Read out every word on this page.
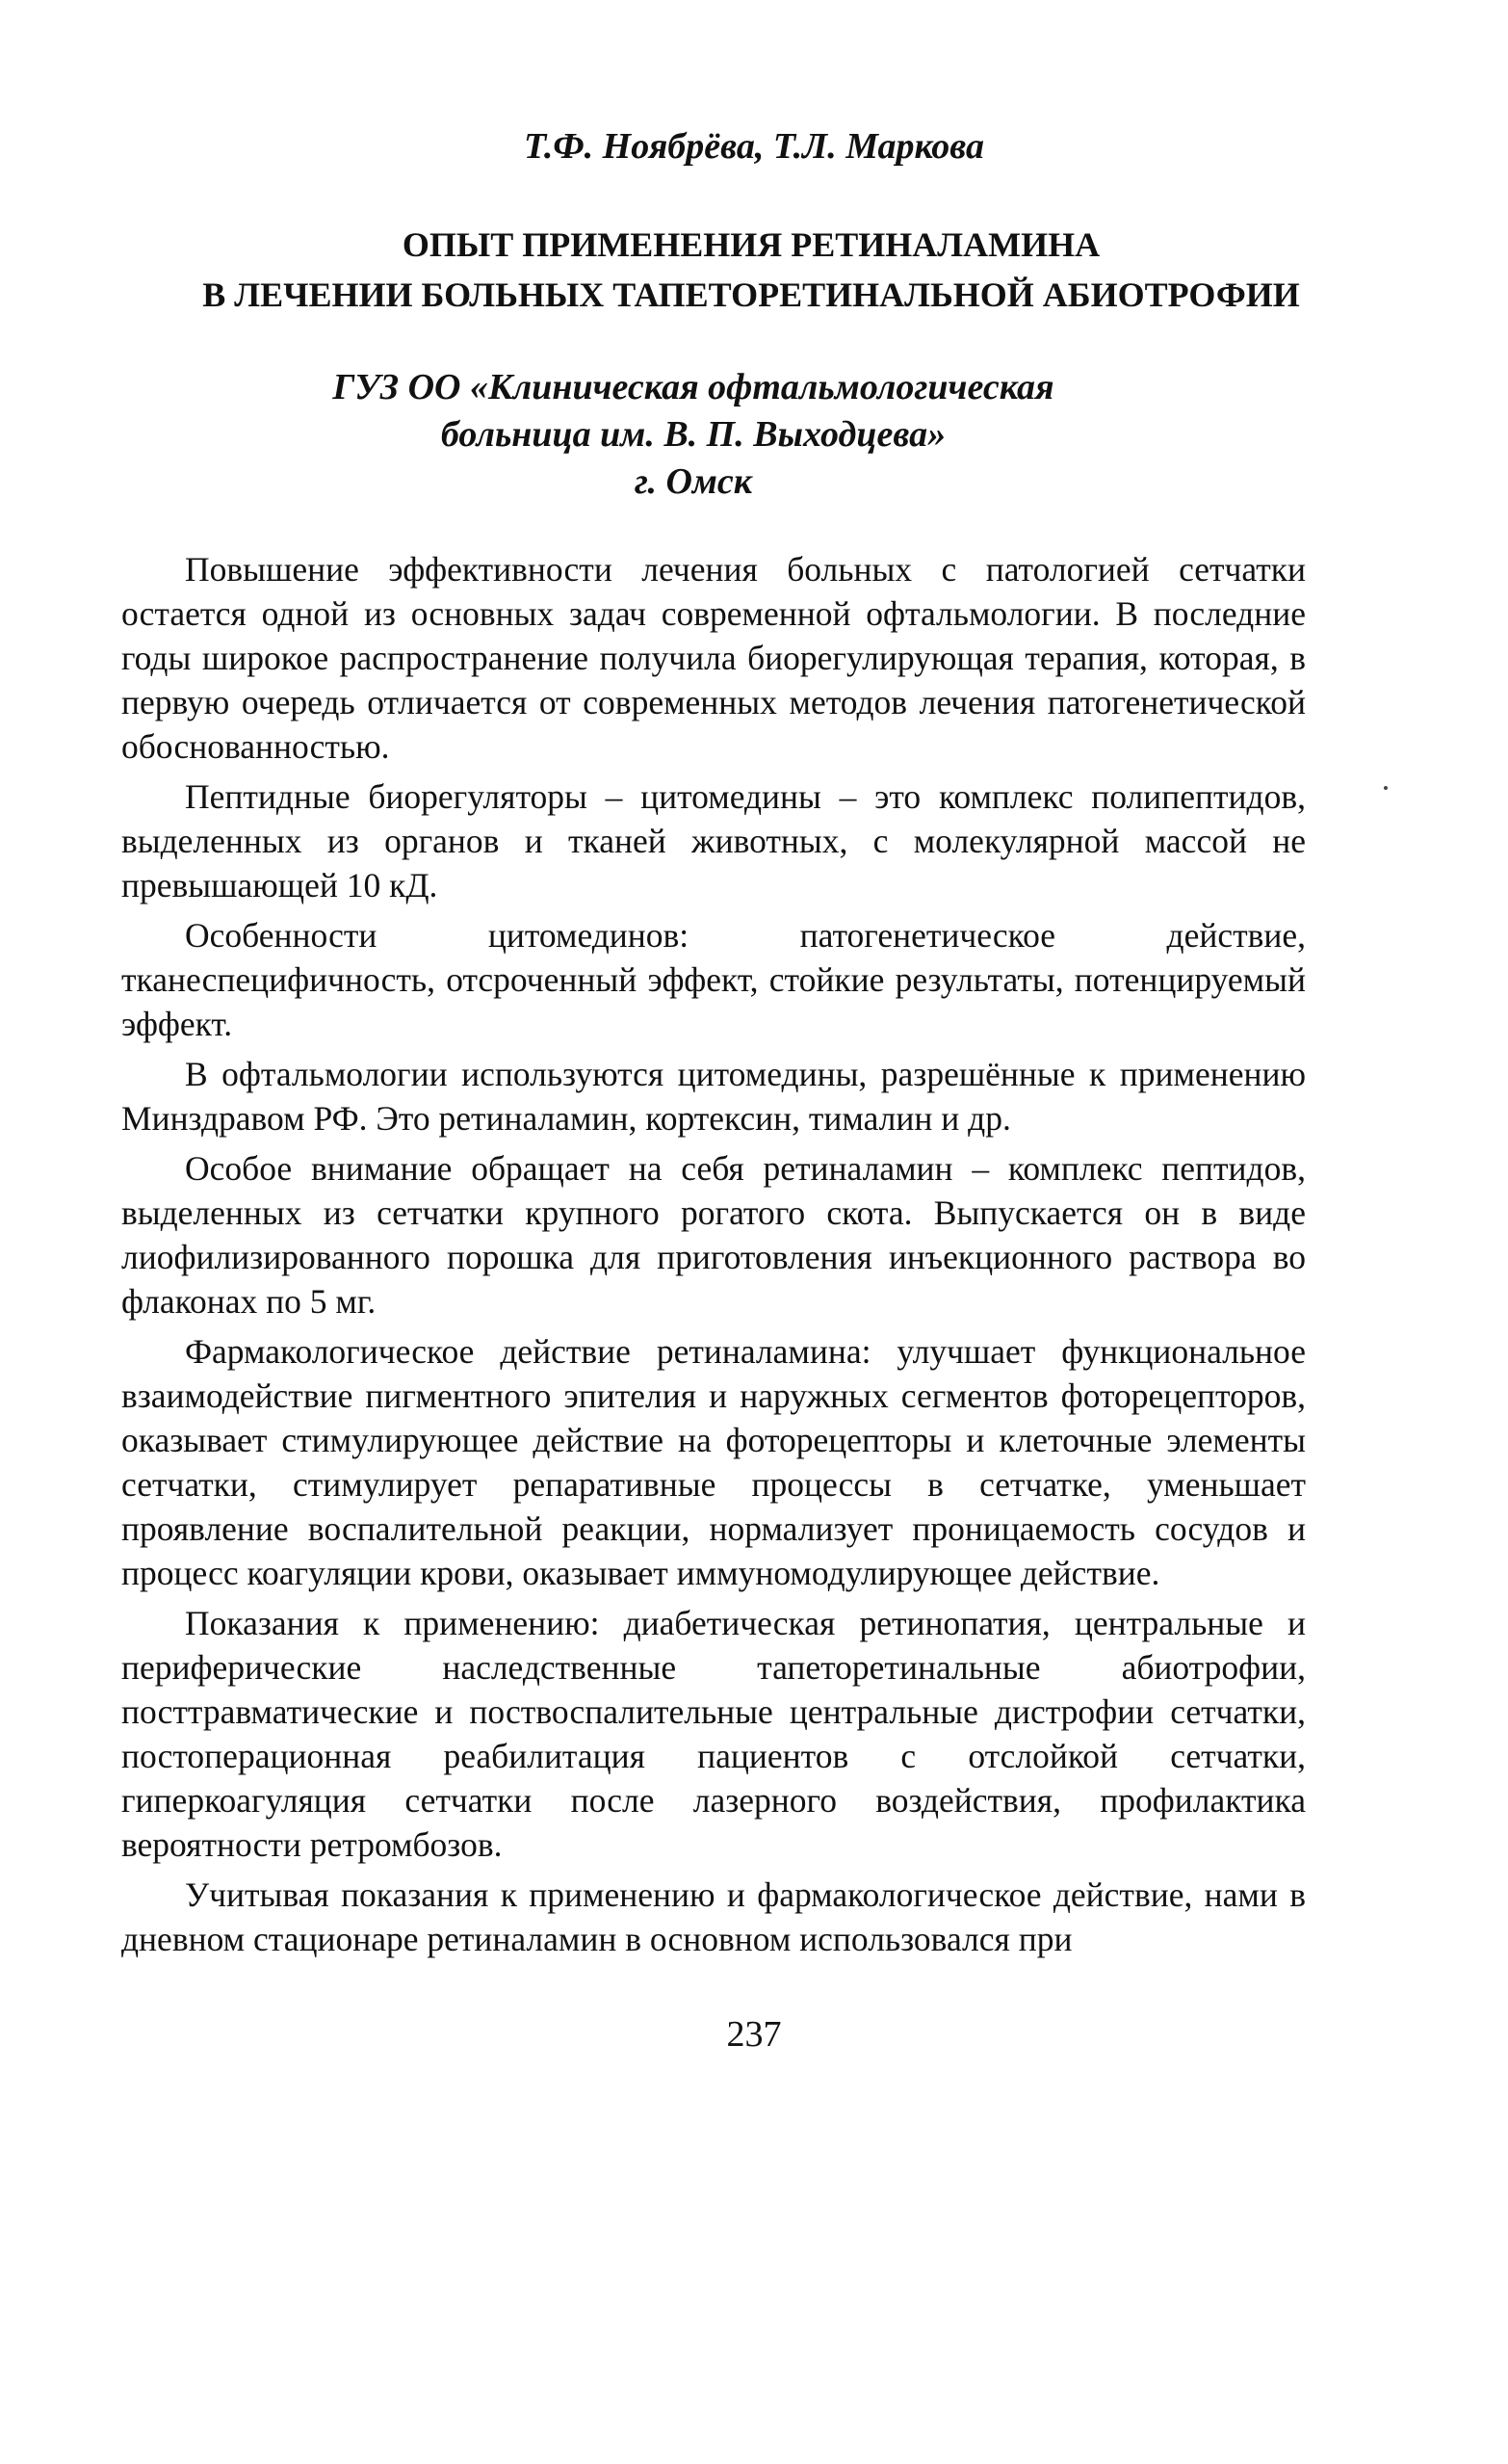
Т.Ф. Ноябрёва, Т.Л. Маркова
ОПЫТ ПРИМЕНЕНИЯ РЕТИНАЛАМИНА
В ЛЕЧЕНИИ БОЛЬНЫХ ТАПЕТОРЕТИНАЛЬНОЙ АБИОТРОФИИ
ГУЗ ОО «Клиническая офтальмологическая
больница им. В. П. Выходцева»
г. Омск

Повышение эффективности лечения больных с патологией сетчатки остается одной из основных задач современной офтальмологии. В последние годы широкое распространение получила биорегулирующая терапия, которая, в первую очередь отличается от современных методов лечения патогенетической обоснованностью.

Пептидные биорегуляторы – цитомедины – это комплекс полипептидов, выделенных из органов и тканей животных, с молекулярной массой не превышающей 10 кД.

Особенности цитомединов: патогенетическое действие, тканеспецифичность, отсроченный эффект, стойкие результаты, потенцируемый эффект.

В офтальмологии используются цитомедины, разрешённые к применению Минздравом РФ. Это ретиналамин, кортексин, тималин и др.

Особое внимание обращает на себя ретиналамин – комплекс пептидов, выделенных из сетчатки крупного рогатого скота. Выпускается он в виде лиофилизированного порошка для приготовления инъекционного раствора во флаконах по 5 мг.

Фармакологическое действие ретиналамина: улучшает функциональное взаимодействие пигментного эпителия и наружных сегментов фоторецепторов, оказывает стимулирующее действие на фоторецепторы и клеточные элементы сетчатки, стимулирует репаративные процессы в сетчатке, уменьшает проявление воспалительной реакции, нормализует проницаемость сосудов и процесс коагуляции крови, оказывает иммуномодулирующее действие.

Показания к применению: диабетическая ретинопатия, центральные и периферические наследственные тапеторетинальные абиотрофии, посттравматические и поствоспалительные центральные дистрофии сетчатки, постоперационная реабилитация пациентов с отслойкой сетчатки, гиперкоагуляция сетчатки после лазерного воздействия, профилактика вероятности ретромбозов.

Учитывая показания к применению и фармакологическое действие, нами в дневном стационаре ретиналамин в основном использовался при

237
